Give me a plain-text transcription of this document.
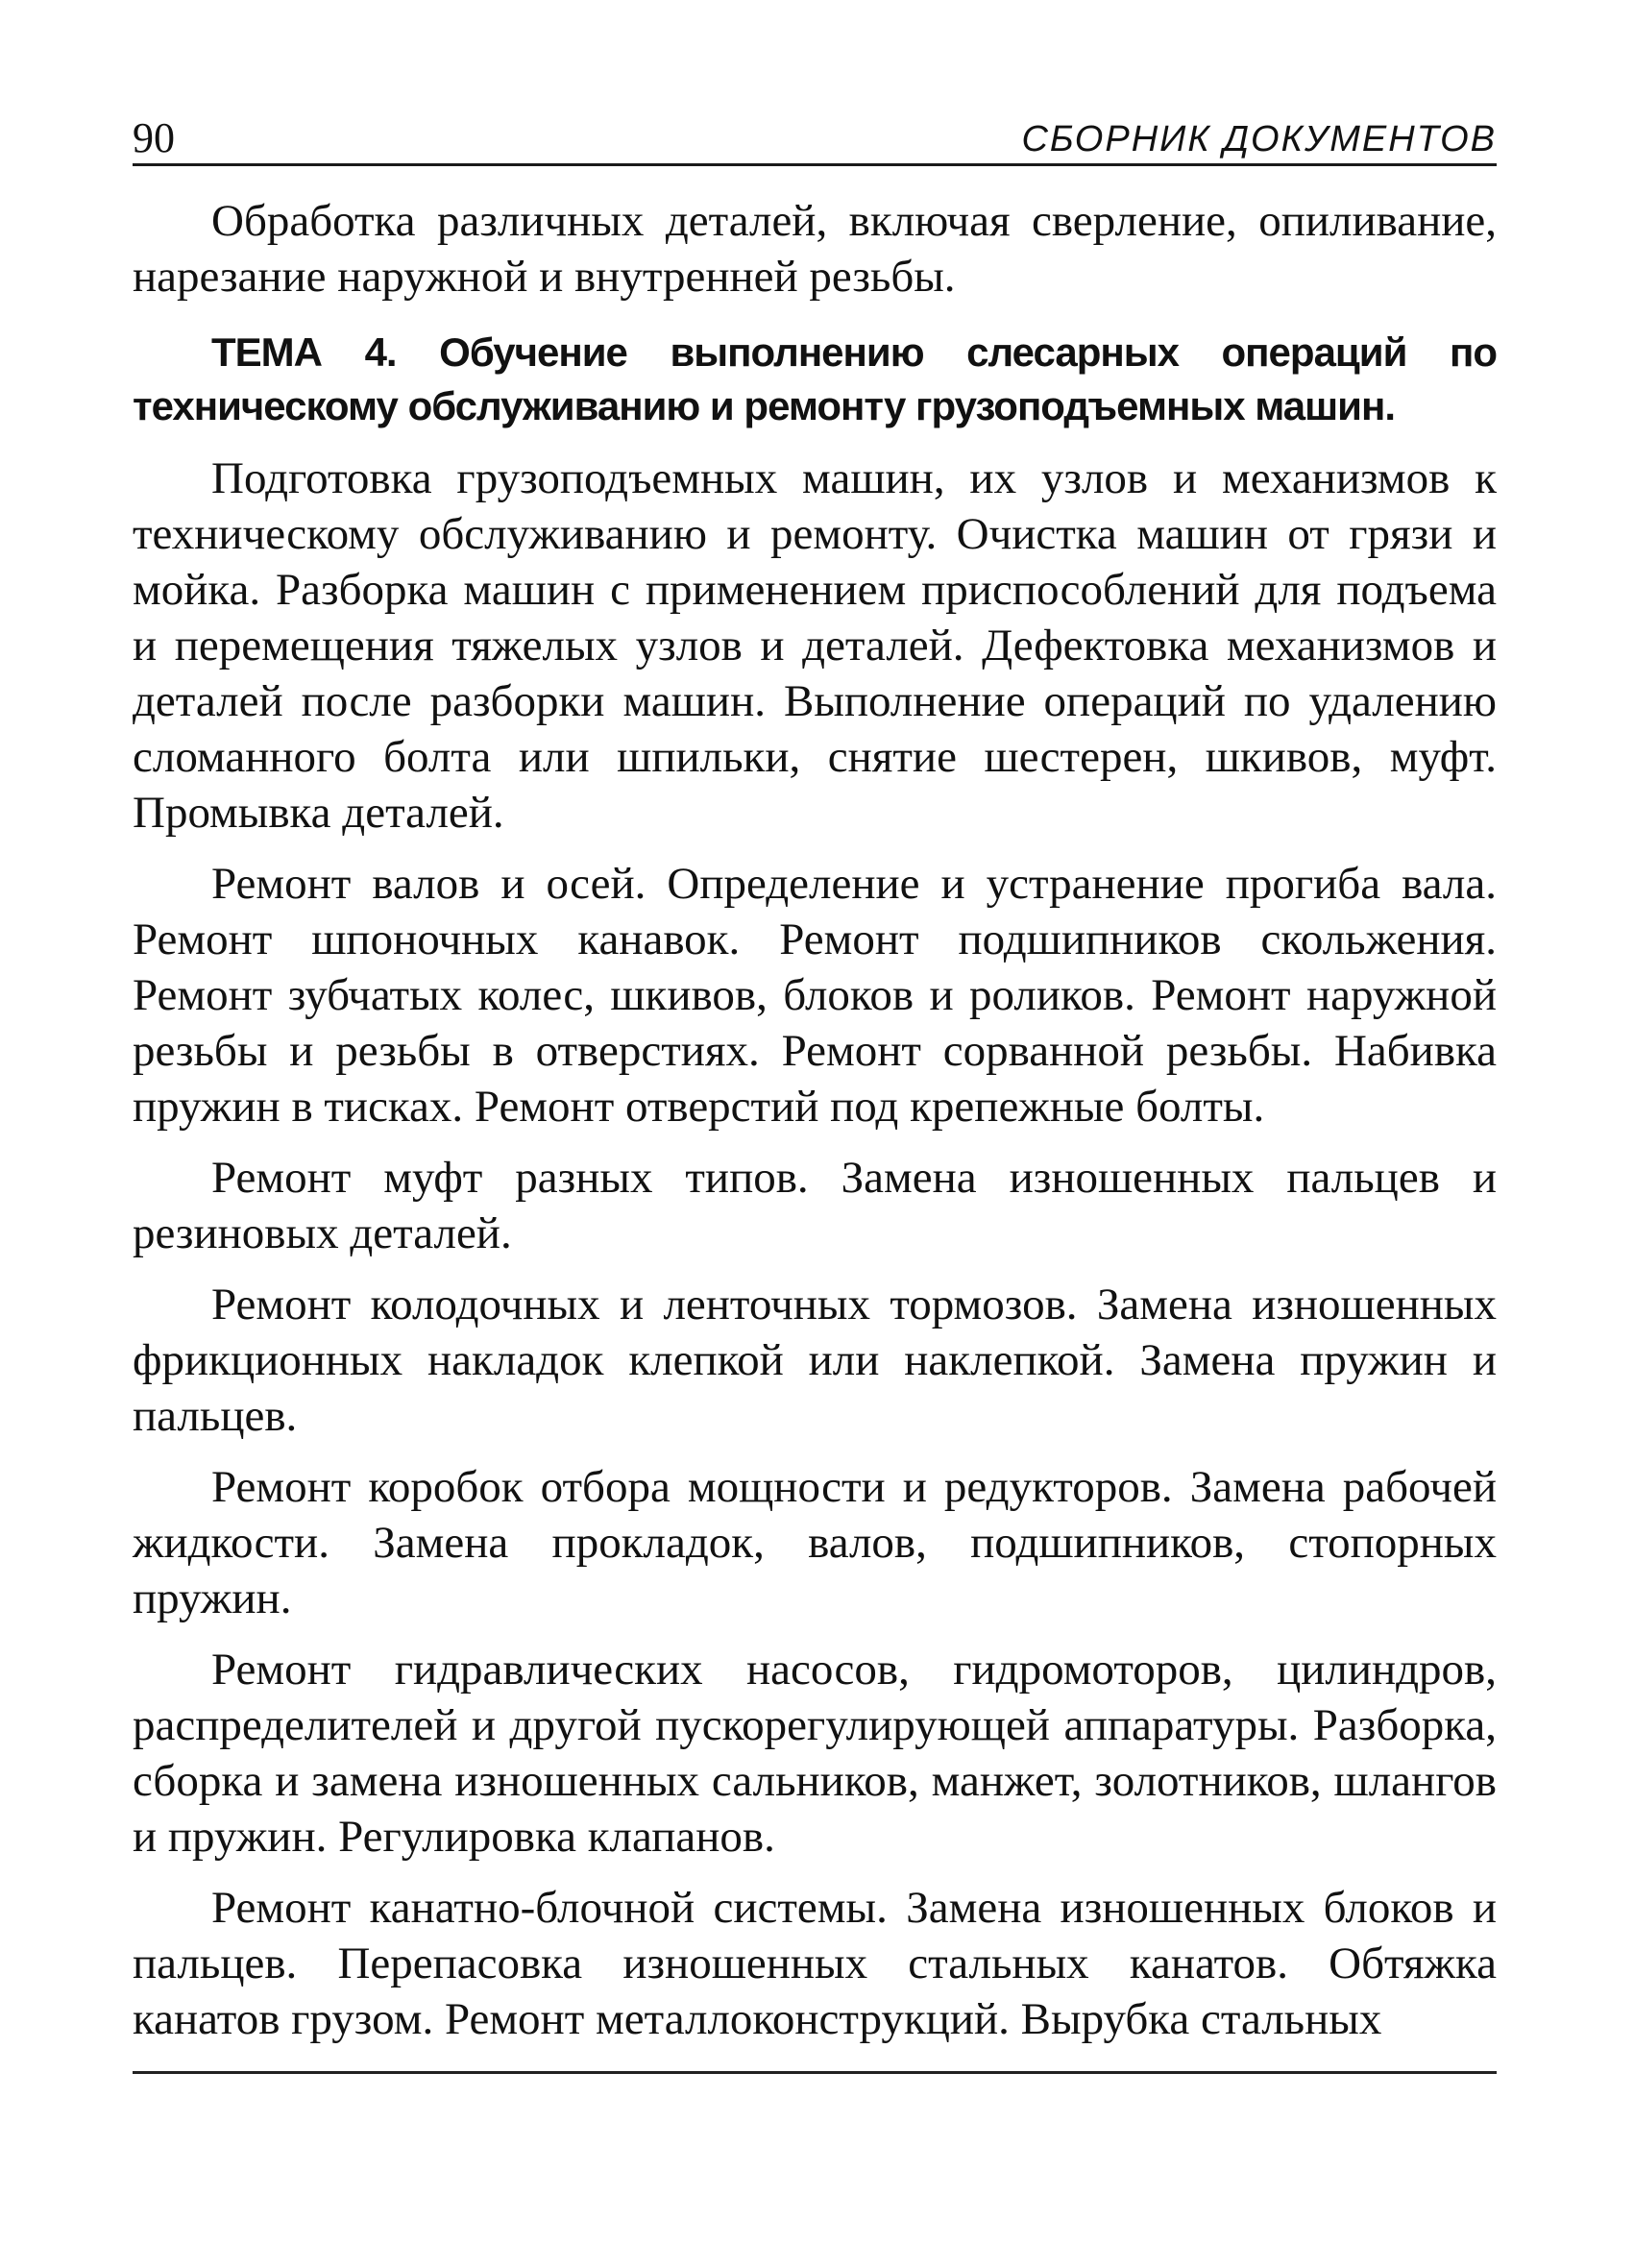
90	СБОРНИК ДОКУМЕНТОВ

Обработка различных деталей, включая сверление, опиливание, нарезание наружной и внутренней резьбы.

ТЕМА 4. Обучение выполнению слесарных операций по техническому обслуживанию и ремонту грузоподъемных машин.

Подготовка грузоподъемных машин, их узлов и механизмов к техническому обслуживанию и ремонту. Очистка машин от грязи и мойка. Разборка машин с применением приспособлений для подъема и перемещения тяжелых узлов и деталей. Дефектовка механизмов и деталей после разборки машин. Выполнение операций по удалению сломанного болта или шпильки, снятие шестерен, шкивов, муфт. Промывка деталей.

Ремонт валов и осей. Определение и устранение прогиба вала. Ремонт шпоночных канавок. Ремонт подшипников скольжения. Ремонт зубчатых колес, шкивов, блоков и роликов. Ремонт наружной резьбы и резьбы в отверстиях. Ремонт сорванной резьбы. Набивка пружин в тисках. Ремонт отверстий под крепежные болты.

Ремонт муфт разных типов. Замена изношенных пальцев и резиновых деталей.

Ремонт колодочных и ленточных тормозов. Замена изношенных фрикционных накладок клепкой или наклепкой. Замена пружин и пальцев.

Ремонт коробок отбора мощности и редукторов. Замена рабочей жидкости. Замена прокладок, валов, подшипников, стопорных пружин.

Ремонт гидравлических насосов, гидромоторов, цилиндров, распределителей и другой пускорегулирующей аппаратуры. Разборка, сборка и замена изношенных сальников, манжет, золотников, шлангов и пружин. Регулировка клапанов.

Ремонт канатно-блочной системы. Замена изношенных блоков и пальцев. Перепасовка изношенных стальных канатов. Обтяжка канатов грузом. Ремонт металлоконструкций. Вырубка стальных
